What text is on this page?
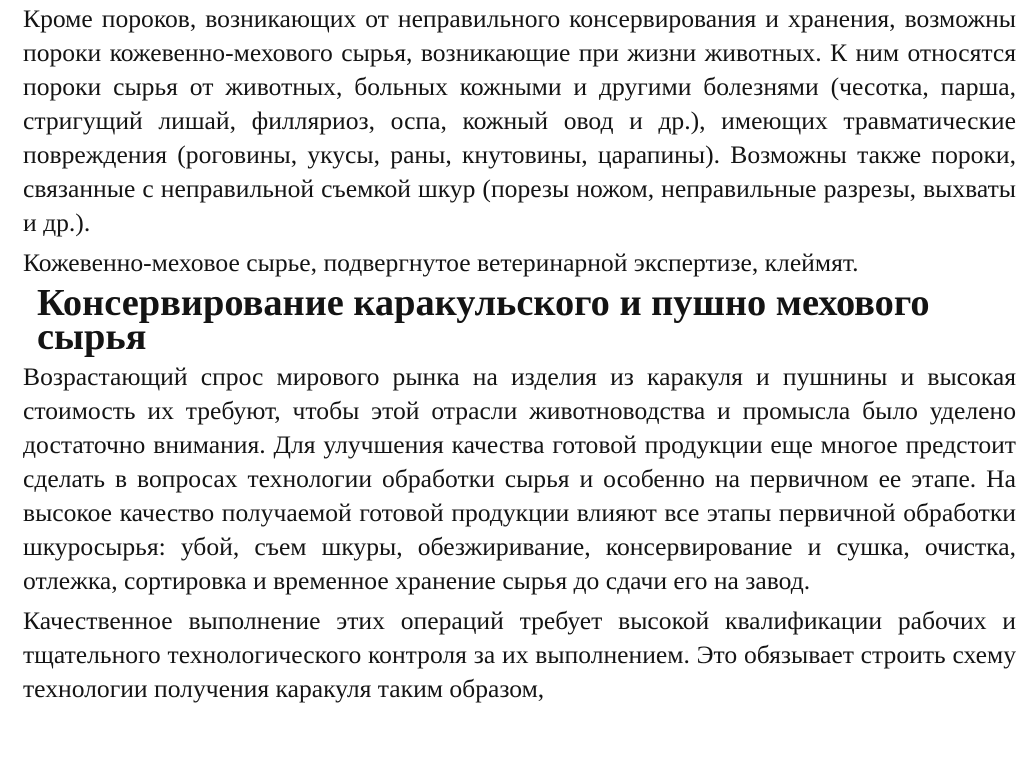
Кроме пороков, возникающих от неправильного консервирования и хранения, возможны пороки кожевенно-мехового сырья, возникающие при жизни животных. К ним относятся пороки сырья от животных, больных кожными и другими болезнями (чесотка, парша, стригущий лишай, филляриоз, оспа, кожный овод и др.), имеющих травматические повреждения (роговины, укусы, раны, кнутовины, царапины). Возможны также пороки, связанные с неправильной съемкой шкур (порезы ножом, неправильные разрезы, выхваты и др.).

Кожевенно-меховое сырье, подвергнутое ветеринарной экспертизе, клеймят.

Консервирование каракульского и пушно мехового сырья

Возрастающий спрос мирового рынка на изделия из каракуля и пушнины и высокая стоимость их требуют, чтобы этой отрасли животноводства и промысла было уделено достаточно внимания. Для улучшения качества готовой продукции еще многое предстоит сделать в вопросах технологии обработки сырья и особенно на первичном ее этапе. На высокое качество получаемой готовой продукции влияют все этапы первичной обработки шкуросырья: убой, съем шкуры, обезжиривание, консервирование и сушка, очистка, отлежка, сортировка и временное хранение сырья до сдачи его на завод.

Качественное выполнение этих операций требует высокой квалификации рабочих и тщательного технологического контроля за их выполнением. Это обязывает строить схему технологии получения каракуля таким образом,
